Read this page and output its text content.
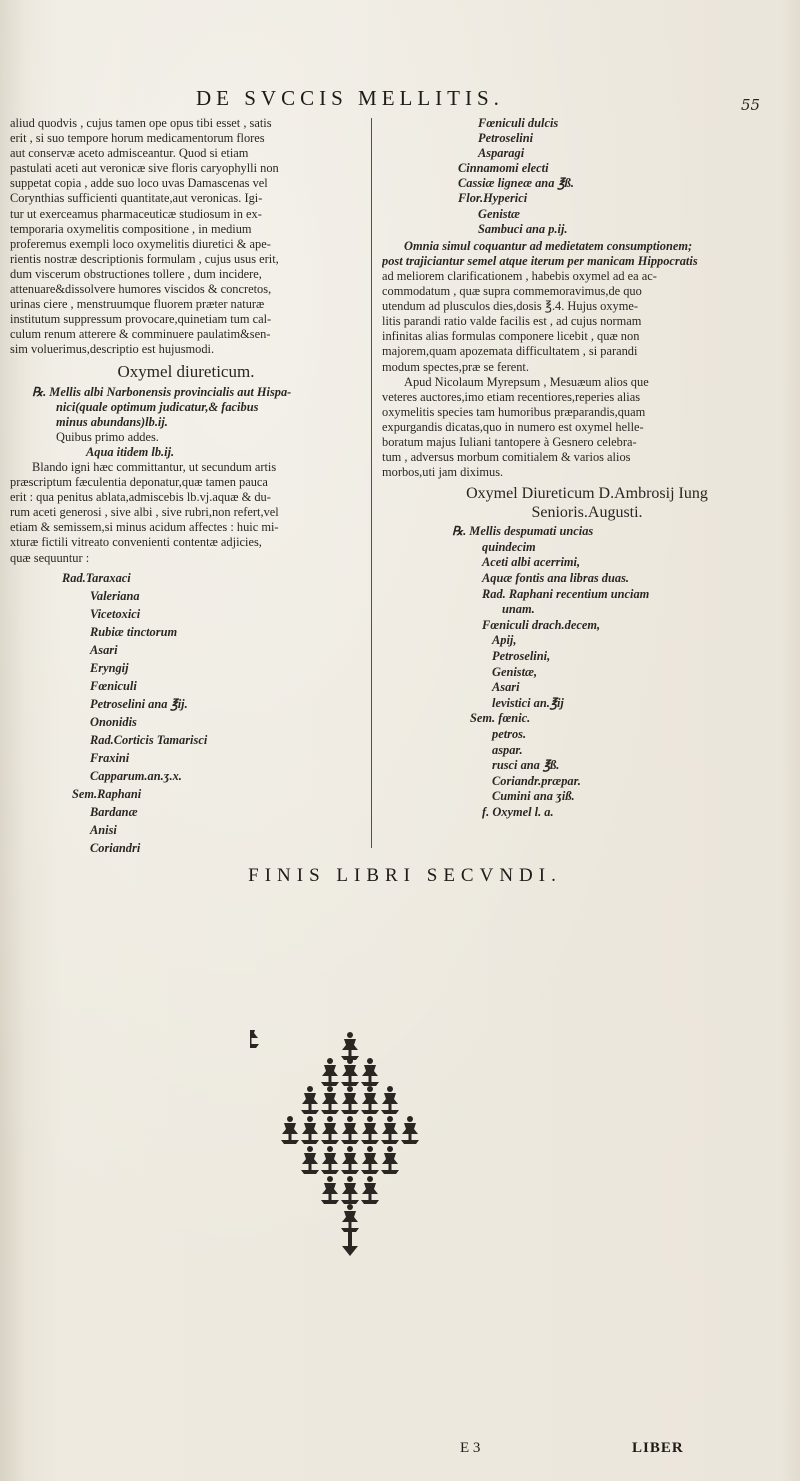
DE SVCCIS MELLITIS.	55
aliud quodvis , cujus tamen ope opus tibi esset , satis
erit , si suo tempore horum medicamentorum flores
aut conservæ aceto admisceantur. Quod si etiam
pastulati aceti aut veronicæ sive floris caryophylli non
suppetat copia , adde suo loco uvas Damascenas vel
Corynthias sufficienti quantitate,aut veronicas. Igi-
tur ut exerceamus pharmaceuticæ studiosum in ex-
temporaria oxymelitis compositione , in medium
proferemus exempli loco oxymelitis diuretici & ape-
rientis nostræ descriptionis formulam , cujus usus erit,
dum viscerum obstructiones tollere , dum incidere,
attenuare&dissolvere humores viscidos & concretos,
urinas ciere , menstruumque fluorem præter naturæ
institutum suppressum provocare,quinetiam tum cal-
culum renum atterere & comminuere paulatim&sen-
sim voluerimus,descriptio est hujusmodi.
Oxymel diureticum.
℞. Mellis albi Narbonensis provincialis aut Hispa-
nici(quale optimum judicatur,& facibus
minus abundans)lb.ij.
Quibus primo addes.
Aqua itidem lb.ij.
Blando igni hæc committantur, ut secundum artis
præscriptum fæculentia deponatur,quæ tamen pauca
erit : qua penitus ablata,admiscebis lb.vj.aquæ & du-
rum aceti generosi , sive albi , sive rubri,non refert,vel
etiam & semissem,si minus acidum affectes : huic mi-
xturæ fictili vitreato convenienti contentæ adjicies,
quæ sequuntur :
Rad.Taraxaci
Valeriana
Vicetoxici
Rubiæ tinctorum
Asari
Eryngij
Fœniculi
Petroselini ana ℥ij.
Ononidis
Rad.Corticis Tamarisci
Fraxini
Capparum.an.ʒ.x.
Sem.Raphani
Bardanæ
Anisi
Coriandri
Fœniculi dulcis
Petroselini
Asparagi
Cinnamomi electi
Cassiæ ligneæ ana ℥ß.
Flor.Hyperici
Genistæ
Sambuci ana p.ij.
Omnia simul coquantur ad medietatem consumptionem;
post trajiciantur semel atque iterum per manicam Hippocratis
ad meliorem clarificationem , habebis oxymel ad ea ac-
commodatum , quæ supra commemoravimus,de quo
utendum ad plusculos dies,dosis ℥.4. Hujus oxyme-
litis parandi ratio valde facilis est , ad cujus normam
infinitas alias formulas componere licebit , quæ non
majorem,quam apozemata difficultatem , si parandi
modum spectes,præ se ferent.
Apud Nicolaum Myrepsum , Mesuæum alios que
veteres auctores,imo etiam recentiores,reperies alias
oxymelitis species tam humoribus præparandis,quam
expurgandis dicatas,quo in numero est oxymel helle-
boratum majus Iuliani tantopere à Gesnero celebra-
tum , adversus morbum comitialem & varios alios
morbos,uti jam diximus.
Oxymel Diureticum D.Ambrosij Iung
Senioris.Augusti.
℞. Mellis despumati uncias
quindecim
Aceti albi acerrimi,
Aquæ fontis ana libras duas.
Rad. Raphani recentium unciam
unam.
Fœniculi drach.decem,
Apij,
Petroselini,
Genistæ,
Asari
levistici an.℥ij
Sem. fœnic.
petros.
aspar.
rusci ana ℥ß.
Coriandr.præpar.
Cumini ana ʒiß.
f. Oxymel l. a.
FINIS LIBRI SECVNDI.
E 3	LIBER
